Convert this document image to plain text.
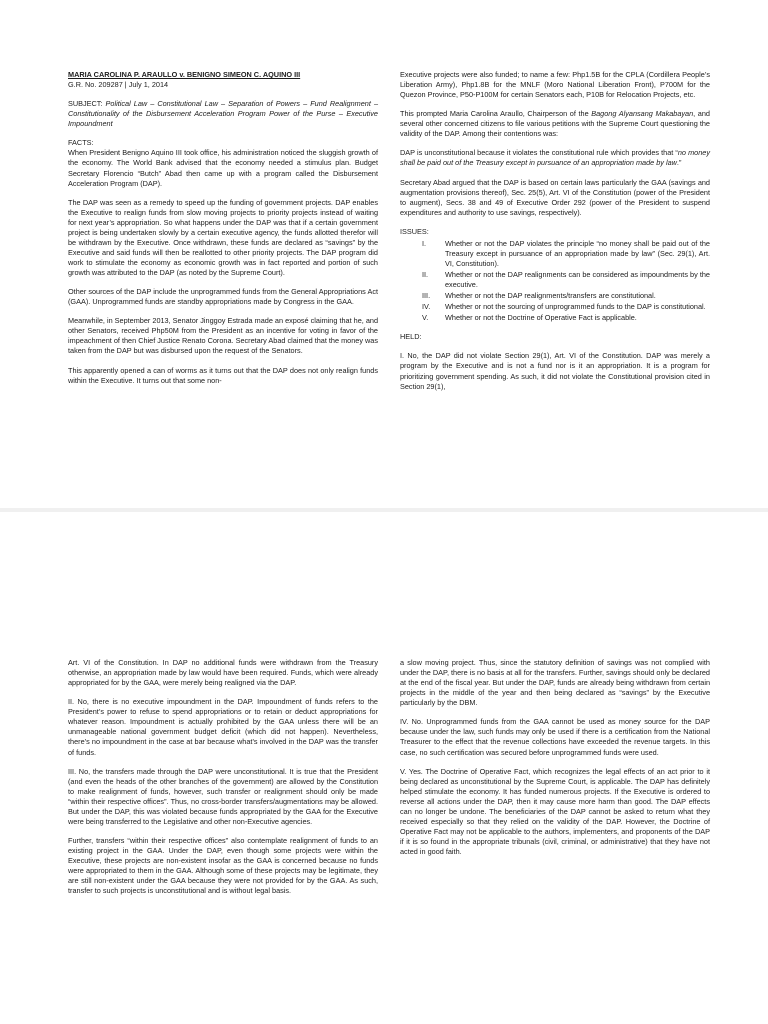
MARIA CAROLINA P. ARAULLO v. BENIGNO SIMEON C. AQUINO III

G.R. No. 209287 | July 1, 2014

SUBJECT: Political Law – Constitutional Law – Separation of Powers – Fund Realignment – Constitutionality of the Disbursement Acceleration Program Power of the Purse – Executive Impoundment

FACTS:

When President Benigno Aquino III took office, his administration noticed the sluggish growth of the economy. The World Bank advised that the economy needed a stimulus plan. Budget Secretary Florencio “Butch” Abad then came up with a program called the Disbursement Acceleration Program (DAP).

The DAP was seen as a remedy to speed up the funding of government projects. DAP enables the Executive to realign funds from slow moving projects to priority projects instead of waiting for next year’s appropriation. So what happens under the DAP was that if a certain government project is being undertaken slowly by a certain executive agency, the funds allotted therefor will be withdrawn by the Executive. Once withdrawn, these funds are declared as “savings” by the Executive and said funds will then be reallotted to other priority projects. The DAP program did work to stimulate the economy as economic growth was in fact reported and portion of such growth was attributed to the DAP (as noted by the Supreme Court).

Other sources of the DAP include the unprogrammed funds from the General Appropriations Act (GAA). Unprogrammed funds are standby appropriations made by Congress in the GAA.

Meanwhile, in September 2013, Senator Jinggoy Estrada made an exposé claiming that he, and other Senators, received Php50M from the President as an incentive for voting in favor of the impeachment of then Chief Justice Renato Corona. Secretary Abad claimed that the money was taken from the DAP but was disbursed upon the request of the Senators.

This apparently opened a can of worms as it turns out that the DAP does not only realign funds within the Executive. It turns out that some non-

Executive projects were also funded; to name a few: Php1.5B for the CPLA (Cordillera People’s Liberation Army), Php1.8B for the MNLF (Moro National Liberation Front), P700M for the Quezon Province, P50-P100M for certain Senators each, P10B for Relocation Projects, etc.

This prompted Maria Carolina Araullo, Chairperson of the Bagong Alyansang Makabayan, and several other concerned citizens to file various petitions with the Supreme Court questioning the validity of the DAP. Among their contentions was:

DAP is unconstitutional because it violates the constitutional rule which provides that “no money shall be paid out of the Treasury except in pursuance of an appropriation made by law.”

Secretary Abad argued that the DAP is based on certain laws particularly the GAA (savings and augmentation provisions thereof), Sec. 25(5), Art. VI of the Constitution (power of the President to augment), Secs. 38 and 49 of Executive Order 292 (power of the President to suspend expenditures and authority to use savings, respectively).

ISSUES:

I.	Whether or not the DAP violates the principle “no money shall be paid out of the Treasury except in pursuance of an appropriation made by law” (Sec. 29(1), Art. VI, Constitution).
II.	Whether or not the DAP realignments can be considered as impoundments by the executive.
III.	Whether or not the DAP realignments/transfers are constitutional.
IV.	Whether or not the sourcing of unprogrammed funds to the DAP is constitutional.
V.	Whether or not the Doctrine of Operative Fact is applicable.

HELD:

I. No, the DAP did not violate Section 29(1), Art. VI of the Constitution. DAP was merely a program by the Executive and is not a fund nor is it an appropriation. It is a program for prioritizing government spending. As such, it did not violate the Constitutional provision cited in Section 29(1),

Art. VI of the Constitution. In DAP no additional funds were withdrawn from the Treasury otherwise, an appropriation made by law would have been required. Funds, which were already appropriated for by the GAA, were merely being realigned via the DAP.

II. No, there is no executive impoundment in the DAP. Impoundment of funds refers to the President’s power to refuse to spend appropriations or to retain or deduct appropriations for whatever reason. Impoundment is actually prohibited by the GAA unless there will be an unmanageable national government budget deficit (which did not happen). Nevertheless, there’s no impoundment in the case at bar because what’s involved in the DAP was the transfer of funds.

III. No, the transfers made through the DAP were unconstitutional. It is true that the President (and even the heads of the other branches of the government) are allowed by the Constitution to make realignment of funds, however, such transfer or realignment should only be made “within their respective offices”. Thus, no cross-border transfers/augmentations may be allowed. But under the DAP, this was violated because funds appropriated by the GAA for the Executive were being transferred to the Legislative and other non-Executive agencies.

Further, transfers “within their respective offices” also contemplate realignment of funds to an existing project in the GAA. Under the DAP, even though some projects were within the Executive, these projects are non-existent insofar as the GAA is concerned because no funds were appropriated to them in the GAA. Although some of these projects may be legitimate, they are still non-existent under the GAA because they were not provided for by the GAA. As such, transfer to such projects is unconstitutional and is without legal basis.

a slow moving project. Thus, since the statutory definition of savings was not complied with under the DAP, there is no basis at all for the transfers. Further, savings should only be declared at the end of the fiscal year. But under the DAP, funds are already being withdrawn from certain projects in the middle of the year and then being declared as “savings” by the Executive particularly by the DBM.

IV. No. Unprogrammed funds from the GAA cannot be used as money source for the DAP because under the law, such funds may only be used if there is a certification from the National Treasurer to the effect that the revenue collections have exceeded the revenue targets. In this case, no such certification was secured before unprogrammed funds were used.

V. Yes. The Doctrine of Operative Fact, which recognizes the legal effects of an act prior to it being declared as unconstitutional by the Supreme Court, is applicable. The DAP has definitely helped stimulate the economy. It has funded numerous projects. If the Executive is ordered to reverse all actions under the DAP, then it may cause more harm than good. The DAP effects can no longer be undone. The beneficiaries of the DAP cannot be asked to return what they received especially so that they relied on the validity of the DAP. However, the Doctrine of Operative Fact may not be applicable to the authors, implementers, and proponents of the DAP if it is so found in the appropriate tribunals (civil, criminal, or administrative) that they have not acted in good faith.
